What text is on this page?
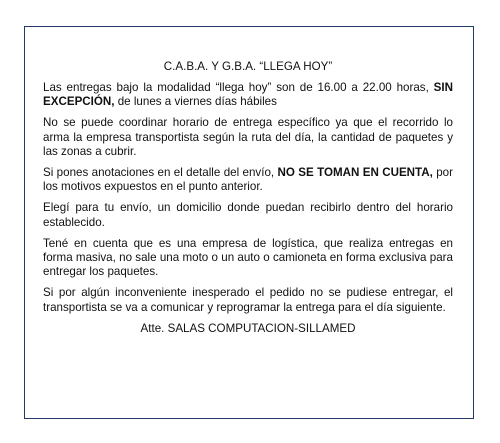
C.A.B.A. Y G.B.A. “LLEGA HOY”

Las entregas bajo la modalidad “llega hoy” son de 16.00 a 22.00 horas, SIN EXCEPCIÓN, de lunes a viernes días hábiles

No se puede coordinar horario de entrega específico ya que el recorrido lo arma la empresa transportista según la ruta del día, la cantidad de paquetes y las zonas a cubrir.

Si pones anotaciones en el detalle del envío, NO SE TOMAN EN CUENTA, por los motivos expuestos en el punto anterior.

Elegí para tu envío, un domicilio donde puedan recibirlo dentro del horario establecido.

Tené en cuenta que es una empresa de logística, que realiza entregas en forma masiva, no sale una moto o un auto o camioneta en forma exclusiva para entregar los paquetes.

Si por algún inconveniente inesperado el pedido no se pudiese entregar, el transportista se va a comunicar y reprogramar la entrega para el día siguiente.

Atte. SALAS COMPUTACION-SILLAMED
